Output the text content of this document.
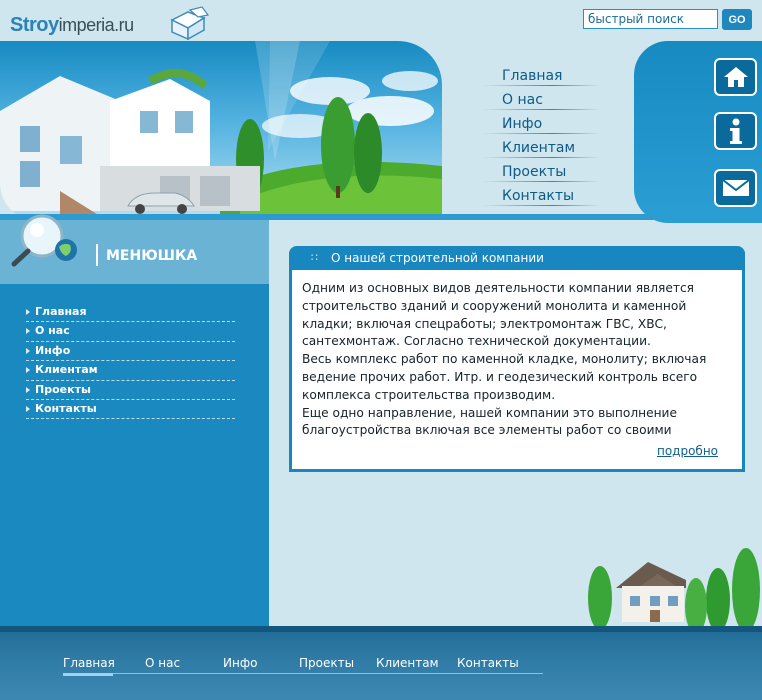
Stroyimperia.ru
быстрый поиск	GO
Главная
О нас
Инфо
Клиентам
Проекты
Контакты
МЕНЮШКА
Главная
О нас
Инфо
Клиентам
Проекты
Контакты
∷ О нашей строительной компании

Одним из основных видов деятельности компании является строительство зданий и сооружений монолита и каменной кладки; включая спецработы; электромонтаж ГВС, ХВС, сантехмонтаж. Согласно технической документации.

Весь комплекс работ по каменной кладке, монолиту; включая ведение прочих работ. Итр. и геодезический контроль всего комплекса строительства производим.

Еще одно направление, нашей компании это выполнение благоустройства включая все элементы работ со своими

подробно
Главная	О нас	Инфо	Проекты Клиентам Контакты
